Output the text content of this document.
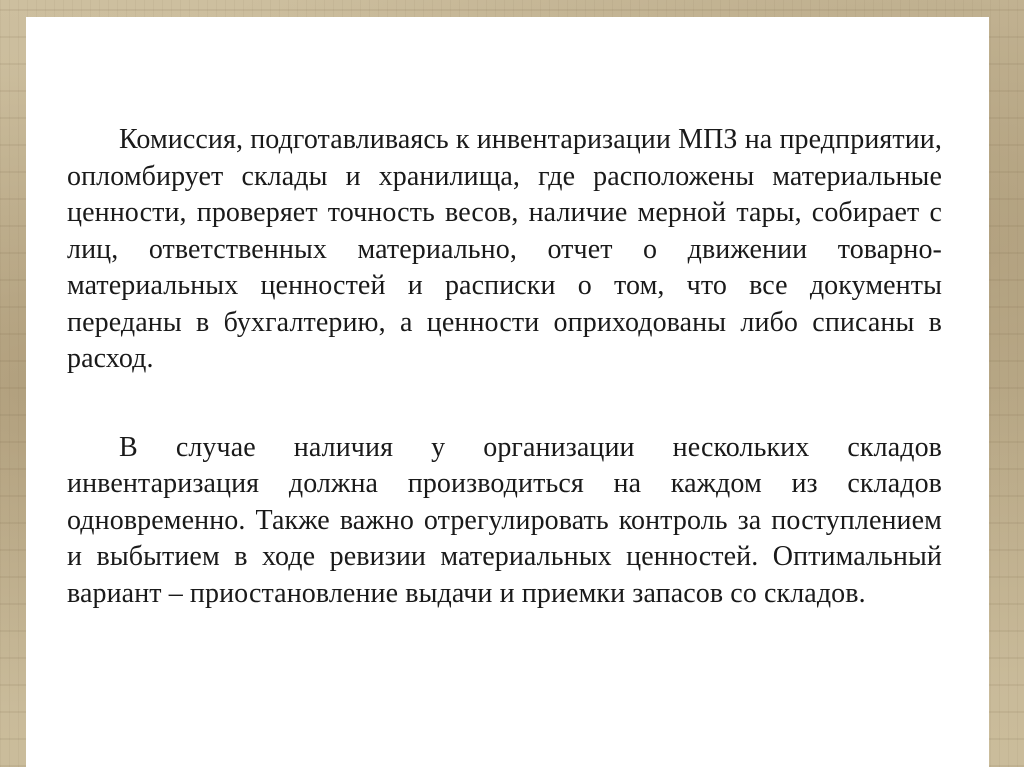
Комиссия, подготавливаясь к инвентаризации МПЗ на предприятии, опломбирует склады и хранилища, где расположены материальные ценности, проверяет точность весов, наличие мерной тары, собирает с лиц, ответственных материально, отчет о движении товарно-материальных ценностей и расписки о том, что все документы переданы в бухгалтерию, а ценности оприходованы либо списаны в расход.

В случае наличия у организации нескольких складов инвентаризация должна производиться на каждом из складов одновременно. Также важно отрегулировать контроль за поступлением и выбытием в ходе ревизии материальных ценностей. Оптимальный вариант – приостановление выдачи и приемки запасов со складов.
